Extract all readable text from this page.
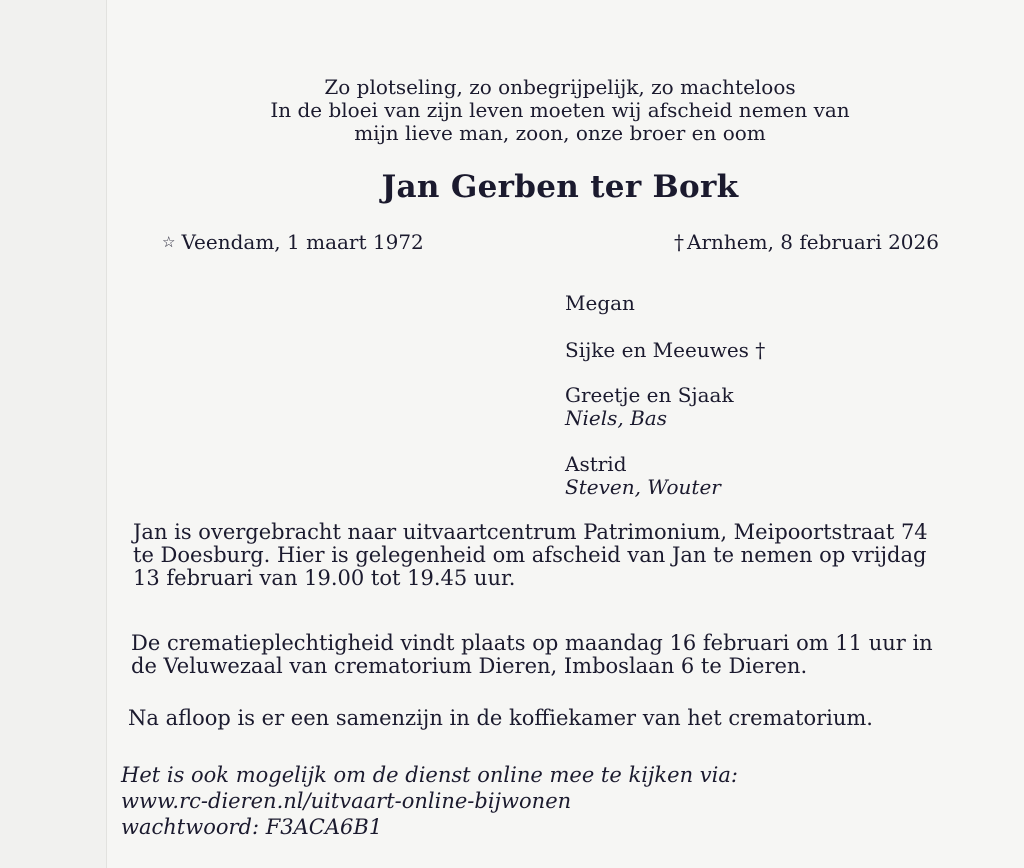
Zo plotseling, zo onbegrijpelijk, zo machteloos

In de bloei van zijn leven moeten wij afscheid nemen van

mijn lieve man, zoon, onze broer en oom

Jan Gerben ter Bork
☆ Veendam, 1 maart 1972	† Arnhem, 8 februari 2026
Megan
Sijke en Meeuwes †
Greetje en Sjaak
Niels, Bas
Astrid
Steven, Wouter
Jan is overgebracht naar uitvaartcentrum Patrimonium, Meipoortstraat 74
te Doesburg. Hier is gelegenheid om afscheid van Jan te nemen op vrijdag
13 februari van 19.00 tot 19.45 uur.
De crematieplechtigheid vindt plaats op maandag 16 februari om 11 uur in
de Veluwezaal van crematorium Dieren, Imboslaan 6 te Dieren.
Na afloop is er een samenzijn in de koffiekamer van het crematorium.
Het is ook mogelijk om de dienst online mee te kijken via:
www.rc-dieren.nl/uitvaart-online-bijwonen
wachtwoord: F3ACA6B1
